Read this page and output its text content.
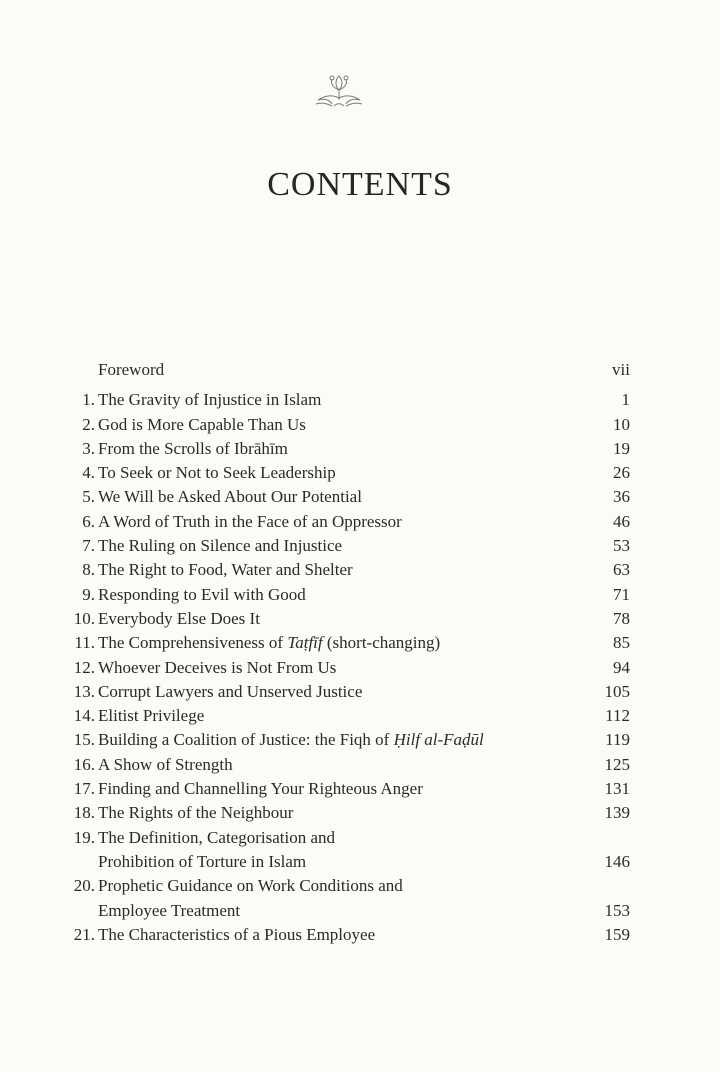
CONTENTS
Foreword	vii
1. The Gravity of Injustice in Islam	1
2. God is More Capable Than Us	10
3. From the Scrolls of Ibrāhīm	19
4. To Seek or Not to Seek Leadership	26
5. We Will be Asked About Our Potential	36
6. A Word of Truth in the Face of an Oppressor	46
7. The Ruling on Silence and Injustice	53
8. The Right to Food, Water and Shelter	63
9. Responding to Evil with Good	71
10. Everybody Else Does It	78
11. The Comprehensiveness of Taṭfīf (short-changing)	85
12. Whoever Deceives is Not From Us	94
13. Corrupt Lawyers and Unserved Justice	105
14. Elitist Privilege	112
15. Building a Coalition of Justice: the Fiqh of Ḥilf al-Faḍūl	119
16. A Show of Strength	125
17. Finding and Channelling Your Righteous Anger	131
18. The Rights of the Neighbour	139
19. The Definition, Categorisation and
Prohibition of Torture in Islam	146
20. Prophetic Guidance on Work Conditions and
Employee Treatment	153
21. The Characteristics of a Pious Employee	159
